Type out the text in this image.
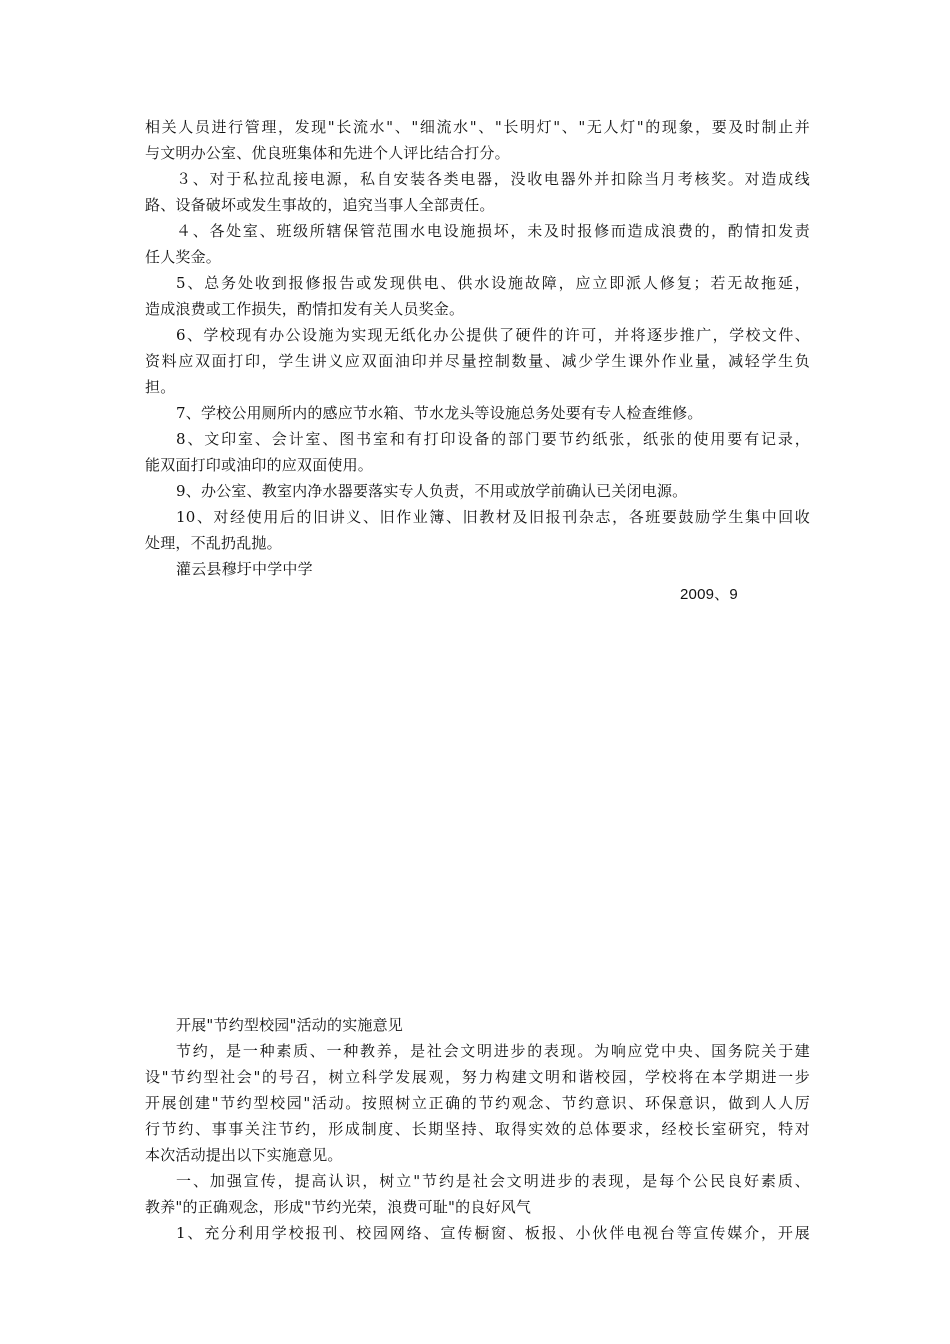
相关人员进行管理，发现"长流水"、"细流水"、"长明灯"、"无人灯"的现象，要及时制止并
与文明办公室、优良班集体和先进个人评比结合打分。
３、对于私拉乱接电源，私自安装各类电器，没收电器外并扣除当月考核奖。对造成线
路、设备破坏或发生事故的，追究当事人全部责任。
４、各处室、班级所辖保管范围水电设施损坏，未及时报修而造成浪费的，酌情扣发责
任人奖金。
5、总务处收到报修报告或发现供电、供水设施故障，应立即派人修复；若无故拖延，
造成浪费或工作损失，酌情扣发有关人员奖金。
6、学校现有办公设施为实现无纸化办公提供了硬件的许可，并将逐步推广，学校文件、
资料应双面打印，学生讲义应双面油印并尽量控制数量、减少学生课外作业量，减轻学生负
担。
7、学校公用厕所内的感应节水箱、节水龙头等设施总务处要有专人检查维修。
8、文印室、会计室、图书室和有打印设备的部门要节约纸张，纸张的使用要有记录，
能双面打印或油印的应双面使用。
9、办公室、教室内净水器要落实专人负责，不用或放学前确认已关闭电源。
10、对经使用后的旧讲义、旧作业簿、旧教材及旧报刊杂志，各班要鼓励学生集中回收
处理，不乱扔乱抛。
灌云县穆圩中学中学
2009、9
开展"节约型校园"活动的实施意见
节约，是一种素质、一种教养，是社会文明进步的表现。为响应党中央、国务院关于建
设"节约型社会"的号召，树立科学发展观，努力构建文明和谐校园，学校将在本学期进一步
开展创建"节约型校园"活动。按照树立正确的节约观念、节约意识、环保意识，做到人人厉
行节约、事事关注节约，形成制度、长期坚持、取得实效的总体要求，经校长室研究，特对
本次活动提出以下实施意见。
一、加强宣传，提高认识，树立"节约是社会文明进步的表现，是每个公民良好素质、
教养"的正确观念，形成"节约光荣，浪费可耻"的良好风气
1、充分利用学校报刊、校园网络、宣传橱窗、板报、小伙伴电视台等宣传媒介，开展
